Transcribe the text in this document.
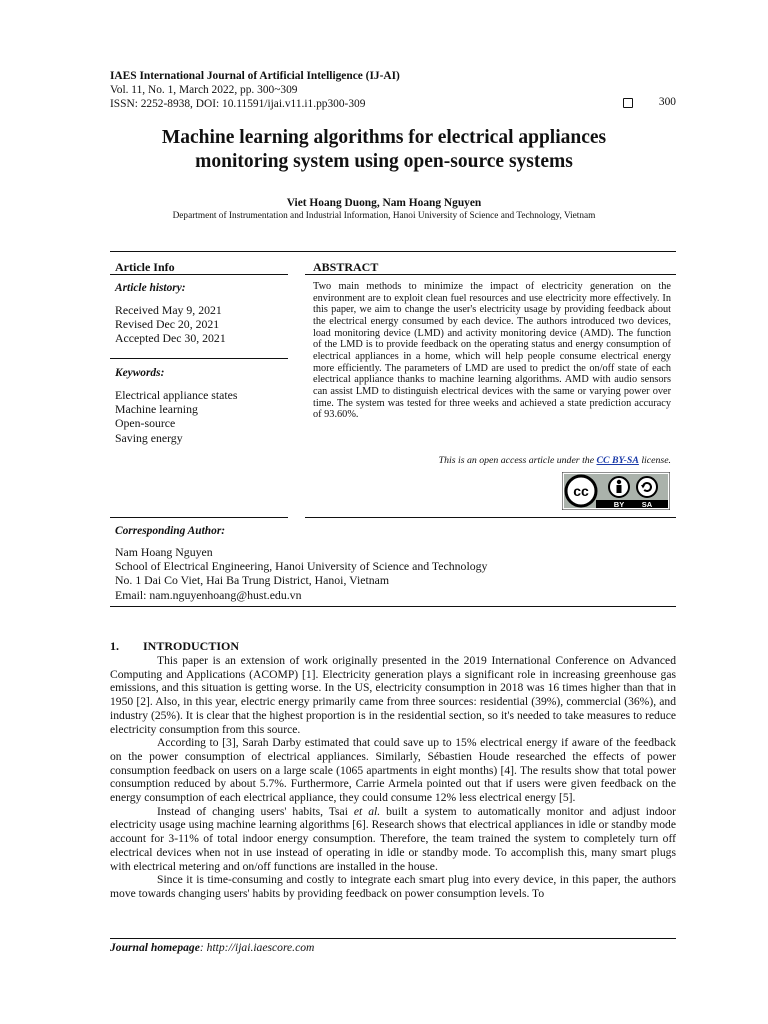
IAES International Journal of Artificial Intelligence (IJ-AI)
Vol. 11, No. 1, March 2022, pp. 300~309
ISSN: 2252-8938, DOI: 10.11591/ijai.v11.i1.pp300-309	300
Machine learning algorithms for electrical appliances
monitoring system using open-source systems
Viet Hoang Duong, Nam Hoang Nguyen
Department of Instrumentation and Industrial Information, Hanoi University of Science and Technology, Vietnam
Article Info
Article history:
Received May 9, 2021
Revised Dec 20, 2021
Accepted Dec 30, 2021
Keywords:
Electrical appliance states
Machine learning
Open-source
Saving energy
ABSTRACT
Two main methods to minimize the impact of electricity generation on the environment are to exploit clean fuel resources and use electricity more effectively. In this paper, we aim to change the user's electricity usage by providing feedback about the electrical energy consumed by each device. The authors introduced two devices, load monitoring device (LMD) and activity monitoring device (AMD). The function of the LMD is to provide feedback on the operating status and energy consumption of electrical appliances in a home, which will help people consume electrical energy more efficiently. The parameters of LMD are used to predict the on/off state of each electrical appliance thanks to machine learning algorithms. AMD with audio sensors can assist LMD to distinguish electrical devices with the same or varying power over time. The system was tested for three weeks and achieved a state prediction accuracy of 93.60%.
This is an open access article under the CC BY-SA license.
cc
BY SA
Corresponding Author:
Nam Hoang Nguyen
School of Electrical Engineering, Hanoi University of Science and Technology
No. 1 Dai Co Viet, Hai Ba Trung District, Hanoi, Vietnam
Email: nam.nguyenhoang@hust.edu.vn
1. INTRODUCTION

This paper is an extension of work originally presented in the 2019 International Conference on Advanced Computing and Applications (ACOMP) [1]. Electricity generation plays a significant role in increasing greenhouse gas emissions, and this situation is getting worse. In the US, electricity consumption in 2018 was 16 times higher than that in 1950 [2]. Also, in this year, electric energy primarily came from three sources: residential (39%), commercial (36%), and industry (25%). It is clear that the highest proportion is in the residential section, so it's needed to take measures to reduce electricity consumption from this source.

According to [3], Sarah Darby estimated that could save up to 15% electrical energy if aware of the feedback on the power consumption of electrical appliances. Similarly, Sébastien Houde researched the effects of power consumption feedback on users on a large scale (1065 apartments in eight months) [4]. The results show that total power consumption reduced by about 5.7%. Furthermore, Carrie Armela pointed out that if users were given feedback on the energy consumption of each electrical appliance, they could consume 12% less electrical energy [5].

Instead of changing users' habits, Tsai et al. built a system to automatically monitor and adjust indoor electricity usage using machine learning algorithms [6]. Research shows that electrical appliances in idle or standby mode account for 3-11% of total indoor energy consumption. Therefore, the team trained the system to completely turn off electrical devices when not in use instead of operating in idle or standby mode. To accomplish this, many smart plugs with electrical metering and on/off functions are installed in the house.

Since it is time-consuming and costly to integrate each smart plug into every device, in this paper, the authors move towards changing users' habits by providing feedback on power consumption levels. To

Journal homepage: http://ijai.iaescore.com
